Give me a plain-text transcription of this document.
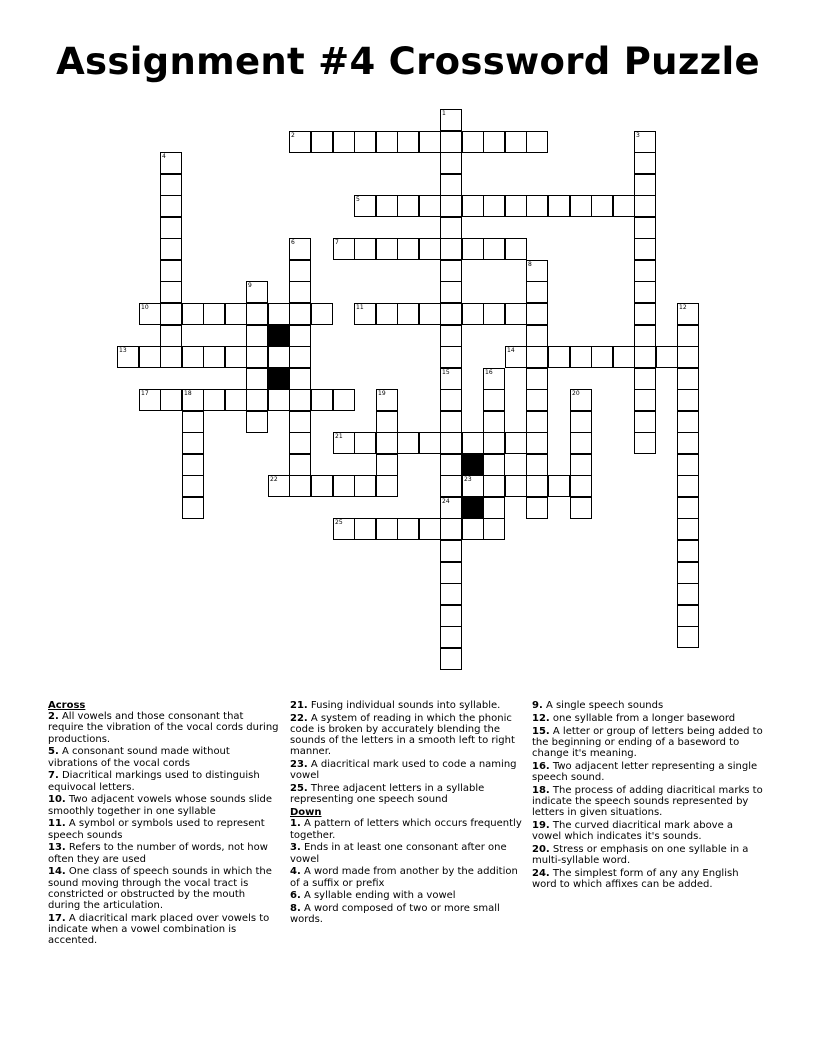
Assignment #4 Crossword Puzzle
2
5
7
10	11
13	14
17	18
21
22	23
25
1
15
24
3
4
6
8
9
12
16
19	20
Across
2. All vowels and those consonant that require the vibration of the vocal cords during productions.
5. A consonant sound made without vibrations of the vocal cords
7. Diacritical markings used to distinguish equivocal letters.
10. Two adjacent vowels whose sounds slide smoothly together in one syllable
11. A symbol or symbols used to represent speech sounds
13. Refers to the number of words, not how often they are used
14. One class of speech sounds in which the sound moving through the vocal tract is constricted or obstructed by the mouth during the articulation.
17. A diacritical mark placed over vowels to indicate when a vowel combination is accented.
21. Fusing individual sounds into syllable.
22. A system of reading in which the phonic code is broken by accurately blending the sounds of the letters in a smooth left to right manner.
23. A diacritical mark used to code a naming vowel
25. Three adjacent letters in a syllable representing one speech sound
Down
1. A pattern of letters which occurs frequently together.
3. Ends in at least one consonant after one vowel
4. A word made from another by the addition of a suffix or prefix
6. A syllable ending with a vowel
8. A word composed of two or more small words.
9. A single speech sounds
12. one syllable from a longer baseword
15. A letter or group of letters being added to the beginning or ending of a baseword to change it's meaning.
16. Two adjacent letter representing a single speech sound.
18. The process of adding diacritical marks to indicate the speech sounds represented by letters in given situations.
19. The curved diacritical mark above a vowel which indicates it's sounds.
20. Stress or emphasis on one syllable in a multi-syllable word.
24. The simplest form of any any English word to which affixes can be added.
